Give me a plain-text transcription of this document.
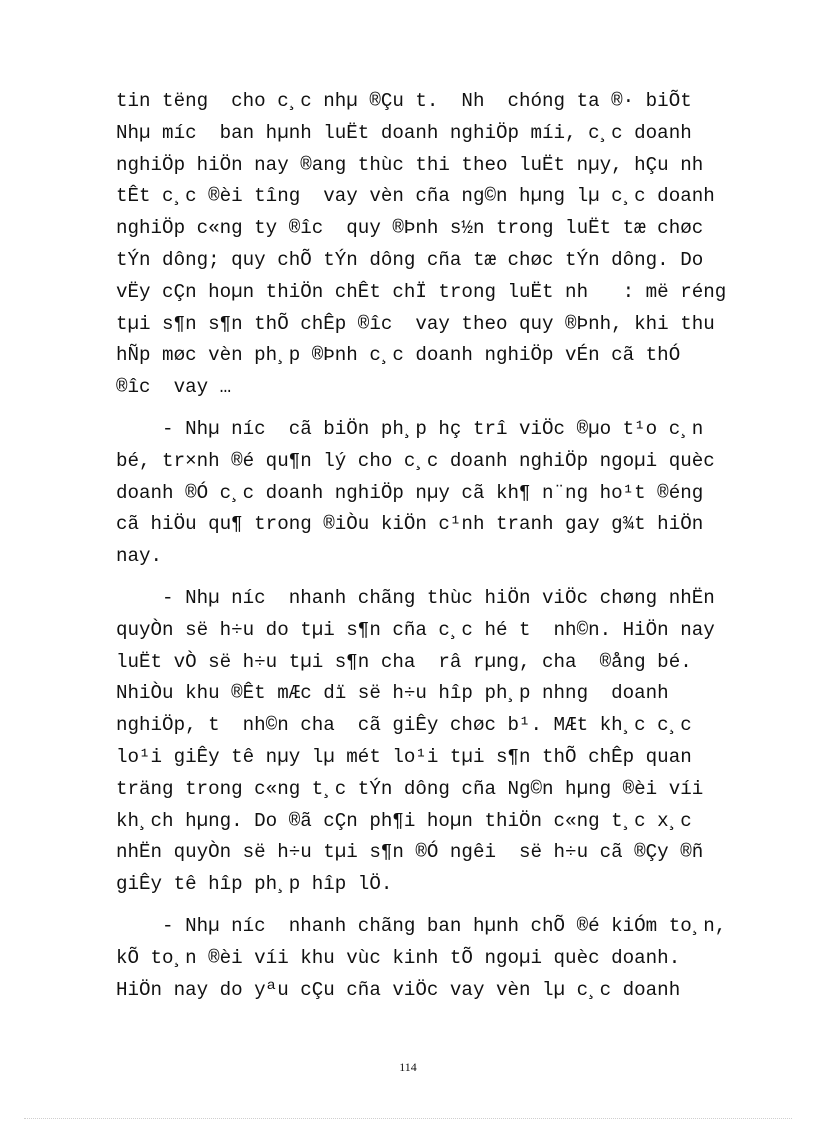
tin tëng  cho c¸c nhµ ®Çu t.  Nh  chóng ta ®· biÕt
Nhµ míc  ban hµnh luËt doanh nghiÖp míi, c¸c doanh
nghiÖp hiÖn nay ®ang thùc thi theo luËt nµy, hÇu nh
tÊt c¸c ®èi tîng  vay vèn cña ng©n hµng lµ c¸c doanh
nghiÖp c«ng ty ®îc  quy ®Þnh s½n trong luËt tæ chøc
tÝn dông; quy chÕ tÝn dông cña tæ chøc tÝn dông. Do
vËy cÇn hoµn thiÖn chÊt chÏ trong luËt nh   : më réng
tµi s¶n s¶n thÕ chÊp ®îc  vay theo quy ®Þnh, khi thu
hÑp møc vèn ph¸p ®Þnh c¸c doanh nghiÖp vÉn cã thÓ
®îc  vay …
- Nhµ níc  cã biÖn ph¸p hç trî viÖc ®µo t¹o c¸n
bé, tr×nh ®é qu¶n lý cho c¸c doanh nghiÖp ngoµi quèc
doanh ®Ó c¸c doanh nghiÖp nµy cã kh¶ n¨ng ho¹t ®éng
cã hiÖu qu¶ trong ®iÒu kiÖn c¹nh tranh gay g¾t hiÖn
nay.
- Nhµ níc  nhanh chãng thùc hiÖn viÖc chøng nhËn
quyÒn së h÷u do tµi s¶n cña c¸c hé t  nh©n. HiÖn nay
luËt vÒ së h÷u tµi s¶n cha  râ rµng, cha  ®ång bé.
NhiÒu khu ®Êt mÆc dï së h÷u hîp ph¸p nhng  doanh
nghiÖp, t  nh©n cha  cã giÊy chøc b¹. MÆt kh¸c c¸c
lo¹i giÊy tê nµy lµ mét lo¹i tµi s¶n thÕ chÊp quan
träng trong c«ng t¸c tÝn dông cña Ng©n hµng ®èi víi
kh¸ch hµng. Do ®ã cÇn ph¶i hoµn thiÖn c«ng t¸c x¸c
nhËn quyÒn së h÷u tµi s¶n ®Ó ngêi  së h÷u cã ®Çy ®ñ
giÊy tê hîp ph¸p hîp lÖ.
- Nhµ níc  nhanh chãng ban hµnh chÕ ®é kiÓm to¸n,
kÕ to¸n ®èi víi khu vùc kinh tÕ ngoµi quèc doanh.
HiÖn nay do yªu cÇu cña viÖc vay vèn lµ c¸c doanh
114
